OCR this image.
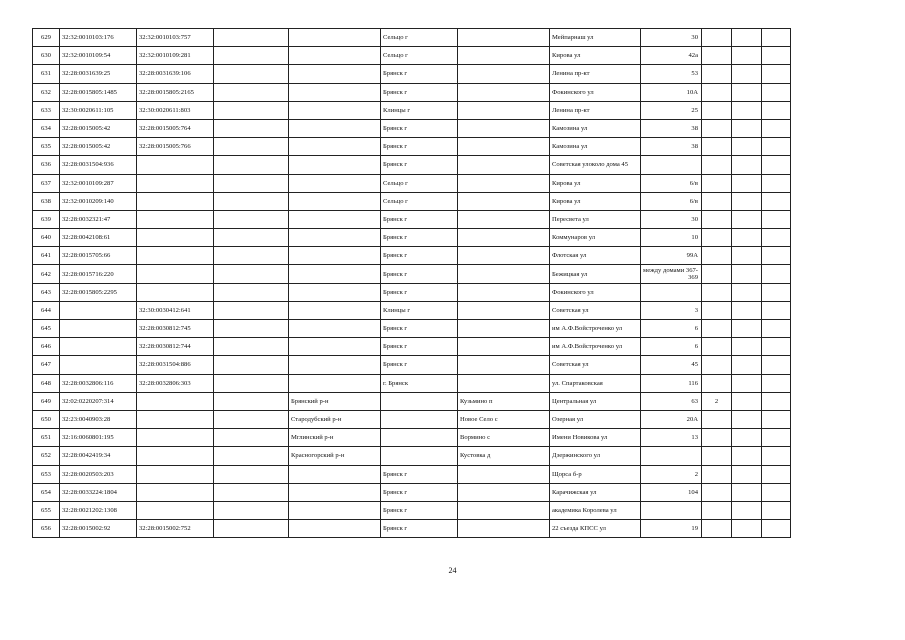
629	32:32:0010103:176	32:32:0010103:757			Сельцо г		Мейпарнаш ул	30			
630	32:32:0010109:54	32:32:0010109:281			Сельцо г		Кирова ул	42а			
631	32:28:0031639:25	32:28:0031639:106			Брянск г		Ленина пр-кт	53			
632	32:28:0015805:1485	32:28:0015805:2165			Брянск г		Фокинского ул	10А			
633	32:30:0020611:105	32:30:0020611:803			Клинцы г		Ленина пр-кт	25			
634	32:28:0015005:42	32:28:0015005:764			Брянск г		Камозина ул	38			
635	32:28:0015005:42	32:28:0015005:766			Брянск г		Камозина ул	38			
636	32:28:0031504:936				Брянск г		Советская улоколо дома 45				
637	32:32:0010109:287				Сельцо г		Кирова ул	6/в			
638	32:32:0010209:140				Сельцо г		Кирова ул	6/в			
639	32:28:0032321:47				Брянск г		Пересвета ул	30			
640	32:28:0042108:61				Брянск г		Коммунаров ул	10			
641	32:28:0015705:66				Брянск г		Флотская ул	99А			
642	32:28:0015716:220				Брянск г		Бежицкая ул	между домами 367-369			
643	32:28:0015805:2295				Брянск г		Фокинского ул				
644		32:30:0030412:641			Клинцы г		Советская ул	3			
645		32:28:0030812:745			Брянск г		им А.Ф.Войстроченко ул	6			
646		32:28:0030812:744			Брянск г		им А.Ф.Войстроченко ул	6			
647		32:28:0031504:886			Брянск г		Советская ул	45			
648	32:28:0032806:116	32:28:0032806:303			г. Брянск		ул. Спартаковская	116			
649	32:02:0220207:314			Брянский р-н		Кузьмино п	Центральная ул	63	2		
650	32:23:0040903:28			Стародубский р-н		Новое Село с	Озерная ул	20А			
651	32:16:0060801:195			Мглинский р-н		Вормино с	Имени Новикова ул	13			
652	32:28:0042419:34			Красногорский р-н		Кустовка д	Дзержинского ул				
653	32:28:0020503:203				Брянск г		Щорса б-р	2			
654	32:28:0033224:1804				Брянск г		Карачижская ул	104			
655	32:28:0021202:1308				Брянск г		академика Королева ул				
656	32:28:0015002:92	32:28:0015002:752			Брянск г		22 съезда КПСС ул	19			
24
